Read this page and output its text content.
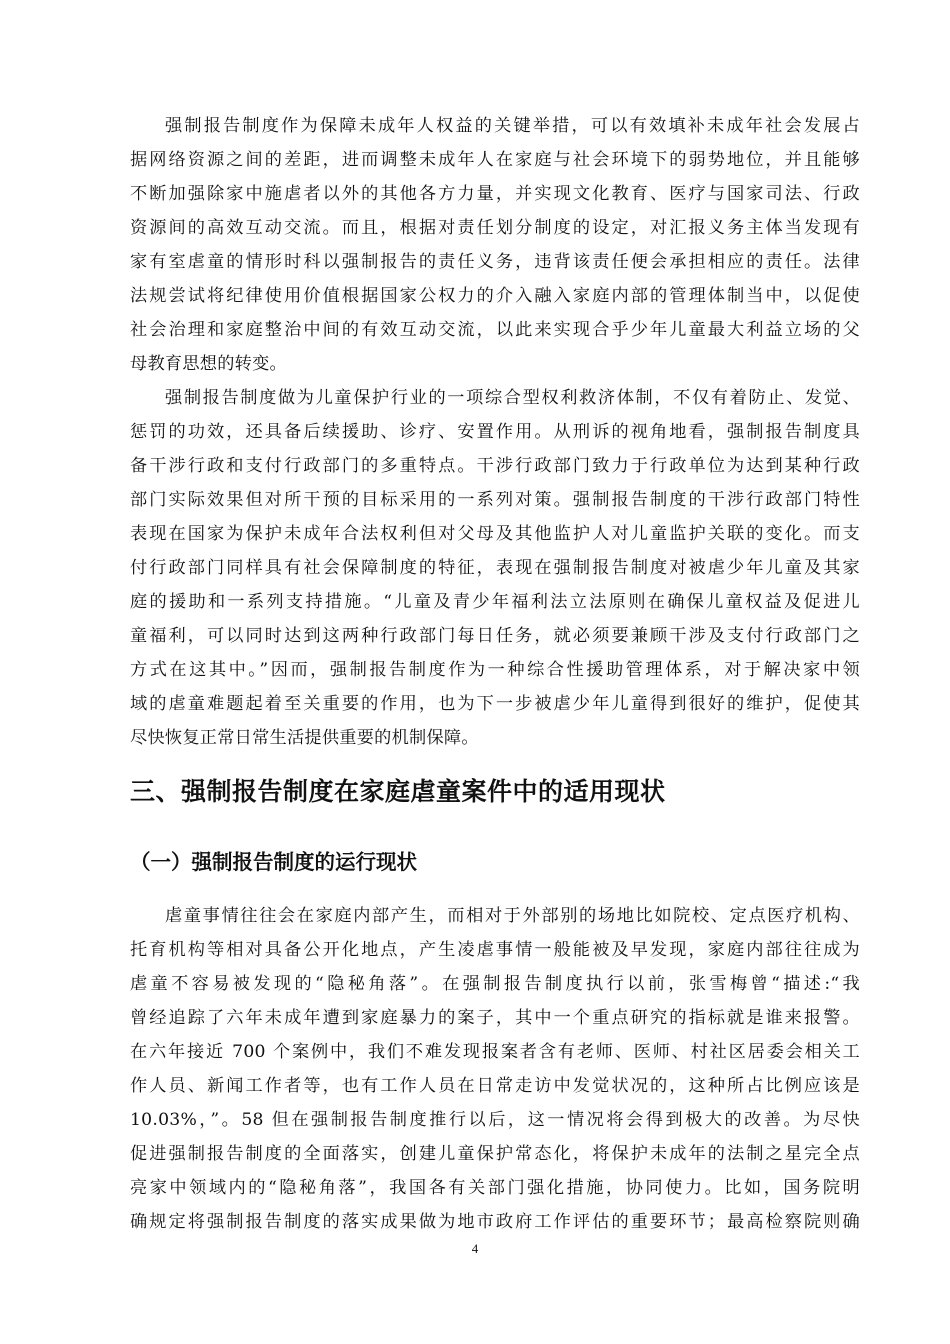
强制报告制度作为保障未成年人权益的关键举措，可以有效填补未成年社会发展占
据网络资源之间的差距，进而调整未成年人在家庭与社会环境下的弱势地位，并且能够
不断加强除家中施虐者以外的其他各方力量，并实现文化教育、医疗与国家司法、行政
资源间的高效互动交流。而且，根据对责任划分制度的设定，对汇报义务主体当发现有
家有室虐童的情形时科以强制报告的责任义务，违背该责任便会承担相应的责任。法律
法规尝试将纪律使用价值根据国家公权力的介入融入家庭内部的管理体制当中，以促使
社会治理和家庭整治中间的有效互动交流，以此来实现合乎少年儿童最大利益立场的父
母教育思想的转变。
强制报告制度做为儿童保护行业的一项综合型权利救济体制，不仅有着防止、发觉、
惩罚的功效，还具备后续援助、诊疗、安置作用。从刑诉的视角地看，强制报告制度具
备干涉行政和支付行政部门的多重特点。干涉行政部门致力于行政单位为达到某种行政
部门实际效果但对所干预的目标采用的一系列对策。强制报告制度的干涉行政部门特性
表现在国家为保护未成年合法权利但对父母及其他监护人对儿童监护关联的变化。而支
付行政部门同样具有社会保障制度的特征，表现在强制报告制度对被虐少年儿童及其家
庭的援助和一系列支持措施。“儿童及青少年福利法立法原则在确保儿童权益及促进儿
童福利，可以同时达到这两种行政部门每日任务，就必须要兼顾干涉及支付行政部门之
方式在这其中。”因而，强制报告制度作为一种综合性援助管理体系，对于解决家中领
域的虐童难题起着至关重要的作用，也为下一步被虐少年儿童得到很好的维护，促使其
尽快恢复正常日常生活提供重要的机制保障。
三、强制报告制度在家庭虐童案件中的适用现状
（一）强制报告制度的运行现状
虐童事情往往会在家庭内部产生，而相对于外部别的场地比如院校、定点医疗机构、
托育机构等相对具备公开化地点，产生凌虐事情一般能被及早发现，家庭内部往往成为
虐童不容易被发现的“隐秘角落”。在强制报告制度执行以前，张雪梅曾“描述:“我
曾经追踪了六年未成年遭到家庭暴力的案子，其中一个重点研究的指标就是谁来报警。
在六年接近 700 个案例中，我们不难发现报案者含有老师、医师、村社区居委会相关工
作人员、新闻工作者等，也有工作人员在日常走访中发觉状况的，这种所占比例应该是
10.03%，”。58 但在强制报告制度推行以后，这一情况将会得到极大的改善。为尽快
促进强制报告制度的全面落实，创建儿童保护常态化，将保护未成年的法制之星完全点
亮家中领域内的“隐秘角落”，我国各有关部门强化措施，协同使力。比如，国务院明
确规定将强制报告制度的落实成果做为地市政府工作评估的重要环节；最高检察院则确
4
